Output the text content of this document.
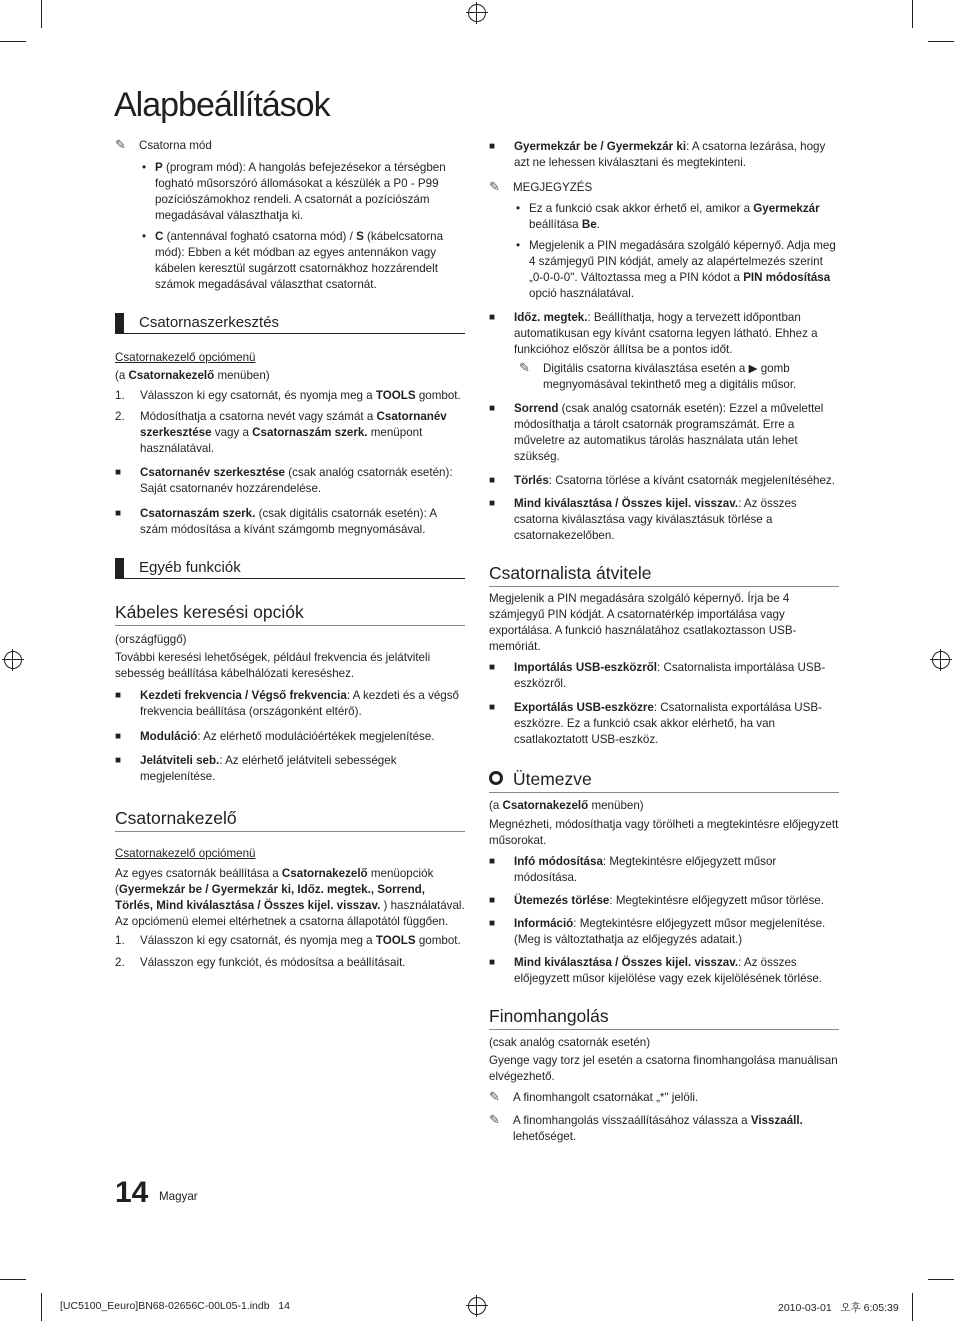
Alapbeállítások
✎ Csatorna mód

• P (program mód): A hangolás befejezésekor a térségben fogható műsorszóró állomásokat a készülék a P0 - P99 pozíciószámokhoz rendeli. A csatornát a pozíciószám megadásával választhatja ki.

• C (antennával fogható csatorna mód) / S (kábelcsatorna mód): Ebben a két módban az egyes antennákon vagy kábelen keresztül sugárzott csatornákhoz hozzárendelt számok megadásával választhat csatornát.

Csatornaszerkesztés

Csatornakezelő opciómenü

(a Csatornakezelő menüben)

1. Válasszon ki egy csatornát, és nyomja meg a TOOLS gombot.

2. Módosíthatja a csatorna nevét vagy számát a Csatornanév szerkesztése vagy a Csatornaszám szerk. menüpont használatával.

■ Csatornanév szerkesztése (csak analóg csatornák esetén): Saját csatornanév hozzárendelése.

■ Csatornaszám szerk. (csak digitális csatornák esetén): A szám módosítása a kívánt számgomb megnyomásával.

Egyéb funkciók
Kábeles keresési opciók

(országfüggő)

További keresési lehetőségek, például frekvencia és jelátviteli sebesség beállítása kábelhálózati kereséshez.

■ Kezdeti frekvencia / Végső frekvencia: A kezdeti és a végső frekvencia beállítása (országonként eltérő).

■ Moduláció: Az elérhető modulációértékek megjelenítése.

■ Jelátviteli seb.: Az elérhető jelátviteli sebességek megjelenítése.

Csatornakezelő

Csatornakezelő opciómenü

Az egyes csatornák beállítása a Csatornakezelő menüopciók (Gyermekzár be / Gyermekzár ki, Időz. megtek., Sorrend, Törlés, Mind kiválasztása / Összes kijel. visszav. ) használatával. Az opciómenü elemei eltérhetnek a csatorna állapotától függően.

1. Válasszon ki egy csatornát, és nyomja meg a TOOLS gombot.

2. Válasszon egy funkciót, és módosítsa a beállításait.

■ Gyermekzár be / Gyermekzár ki: A csatorna lezárása, hogy azt ne lehessen kiválasztani és megtekinteni.

✎ MEGJEGYZÉS

• Ez a funkció csak akkor érhető el, amikor a Gyermekzár beállítása Be.

• Megjelenik a PIN megadására szolgáló képernyő. Adja meg 4 számjegyű PIN kódját, amely az alapértelmezés szerint „0-0-0-0". Változtassa meg a PIN kódot a PIN módosítása opció használatával.

■ Időz. megtek.: Beállíthatja, hogy a tervezett időpontban automatikusan egy kívánt csatorna legyen látható. Ehhez a funkcióhoz először állítsa be a pontos időt.

✎ Digitális csatorna kiválasztása esetén a ▶ gomb megnyomásával tekinthető meg a digitális műsor.

■ Sorrend (csak analóg csatornák esetén): Ezzel a művelettel módosíthatja a tárolt csatornák programszámát. Erre a műveletre az automatikus tárolás használata után lehet szükség.

■ Törlés: Csatorna törlése a kívánt csatornák megjelenítéséhez.

■ Mind kiválasztása / Összes kijel. visszav.: Az összes csatorna kiválasztása vagy kiválasztásuk törlése a csatornakezelőben.

Csatornalista átvitele

Megjelenik a PIN megadására szolgáló képernyő. Írja be 4 számjegyű PIN kódját. A csatornatérkép importálása vagy exportálása. A funkció használatához csatlakoztasson USB-memóriát.

■ Importálás USB-eszközről: Csatornalista importálása USB-eszközről.

■ Exportálás USB-eszközre: Csatornalista exportálása USB-eszközre. Ez a funkció csak akkor elérhető, ha van csatlakoztatott USB-eszköz.

Ütemezve

(a Csatornakezelő menüben)

Megnézheti, módosíthatja vagy törölheti a megtekintésre előjegyzett műsorokat.

■ Infó módosítása: Megtekintésre előjegyzett műsor módosítása.

■ Ütemezés törlése: Megtekintésre előjegyzett műsor törlése.

■ Információ: Megtekintésre előjegyzett műsor megjelenítése. (Meg is változtathatja az előjegyzés adatait.)

■ Mind kiválasztása / Összes kijel. visszav.: Az összes előjegyzett műsor kijelölése vagy ezek kijelölésének törlése.

Finomhangolás

(csak analóg csatornák esetén)

Gyenge vagy torz jel esetén a csatorna finomhangolása manuálisan elvégezhető.

✎ A finomhangolt csatornákat „*" jelöli.
✎ A finomhangolás visszaállításához válassza a Visszaáll. lehetőséget.
14 Magyar
[UC5100_Eeuro]BN68-02656C-00L05-1.indb   14	2010-03-01   오후 6:05:39
